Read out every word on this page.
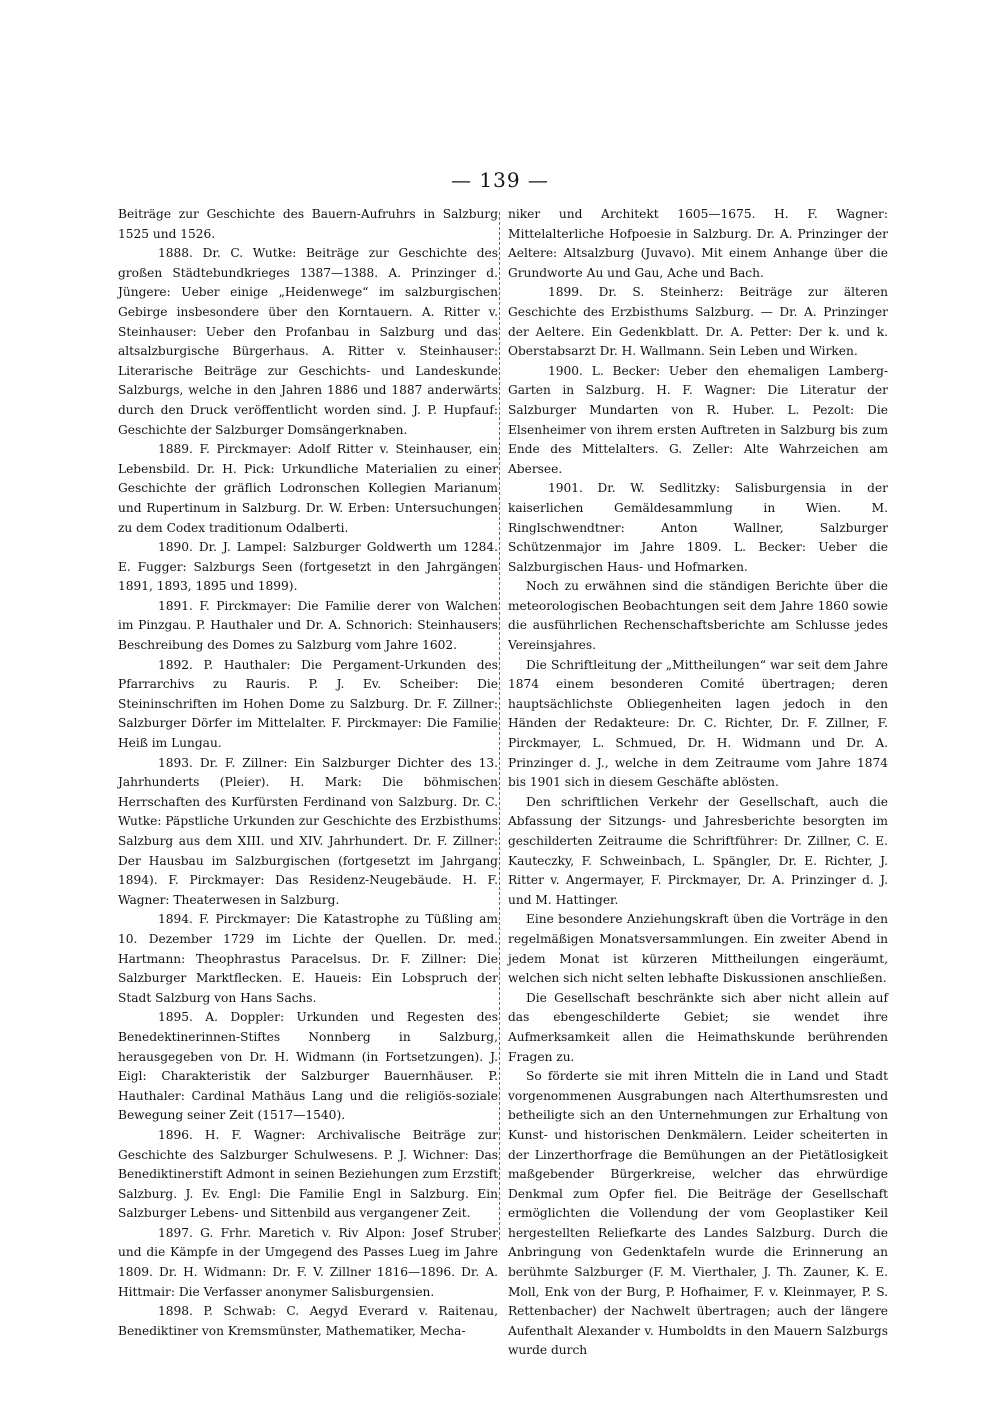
— 139 —

Beiträge zur Geschichte des Bauern-Aufruhrs in Salzburg 1525 und 1526.

1888. Dr. C. Wutke: Beiträge zur Geschichte des großen Städtebundkrieges 1387—1388. A. Prinzinger d. Jüngere: Ueber einige „Heidenwege“ im salzburgischen Gebirge insbesondere über den Korntauern. A. Ritter v. Steinhauser: Ueber den Profanbau in Salzburg und das altsalzburgische Bürgerhaus. A. Ritter v. Steinhauser: Literarische Beiträge zur Geschichts- und Landeskunde Salzburgs, welche in den Jahren 1886 und 1887 anderwärts durch den Druck veröffentlicht worden sind. J. P. Hupfauf: Geschichte der Salzburger Domsängerknaben.

1889. F. Pirckmayer: Adolf Ritter v. Steinhauser, ein Lebensbild. Dr. H. Pick: Urkundliche Materialien zu einer Geschichte der gräflich Lodronschen Kollegien Marianum und Rupertinum in Salzburg. Dr. W. Erben: Untersuchungen zu dem Codex traditionum Odalberti.

1890. Dr. J. Lampel: Salzburger Goldwerth um 1284. E. Fugger: Salzburgs Seen (fortgesetzt in den Jahrgängen 1891, 1893, 1895 und 1899).

1891. F. Pirckmayer: Die Familie derer von Walchen im Pinzgau. P. Hauthaler und Dr. A. Schnorich: Steinhausers Beschreibung des Domes zu Salzburg vom Jahre 1602.

1892. P. Hauthaler: Die Pergament-Urkunden des Pfarrarchivs zu Rauris. P. J. Ev. Scheiber: Die Steininschriften im Hohen Dome zu Salzburg. Dr. F. Zillner: Salzburger Dörfer im Mittelalter. F. Pirckmayer: Die Familie Heiß im Lungau.

1893. Dr. F. Zillner: Ein Salzburger Dichter des 13. Jahrhunderts (Pleier). H. Mark: Die böhmischen Herrschaften des Kurfürsten Ferdinand von Salzburg. Dr. C. Wutke: Päpstliche Urkunden zur Geschichte des Erzbisthums Salzburg aus dem XIII. und XIV. Jahrhundert. Dr. F. Zillner: Der Hausbau im Salzburgischen (fortgesetzt im Jahrgang 1894). F. Pirckmayer: Das Residenz-Neugebäude. H. F. Wagner: Theaterwesen in Salzburg.

1894. F. Pirckmayer: Die Katastrophe zu Tüßling am 10. Dezember 1729 im Lichte der Quellen. Dr. med. Hartmann: Theophrastus Paracelsus. Dr. F. Zillner: Die Salzburger Marktflecken. E. Haueis: Ein Lobspruch der Stadt Salzburg von Hans Sachs.

1895. A. Doppler: Urkunden und Regesten des Benedektinerinnen-Stiftes Nonnberg in Salzburg, herausgegeben von Dr. H. Widmann (in Fortsetzungen). J. Eigl: Charakteristik der Salzburger Bauernhäuser. P. Hauthaler: Cardinal Mathäus Lang und die religiös-soziale Bewegung seiner Zeit (1517—1540).

1896. H. F. Wagner: Archivalische Beiträge zur Geschichte des Salzburger Schulwesens. P. J. Wichner: Das Benediktinerstift Admont in seinen Beziehungen zum Erzstift Salzburg. J. Ev. Engl: Die Familie Engl in Salzburg. Ein Salzburger Lebens- und Sittenbild aus vergangener Zeit.

1897. G. Frhr. Maretich v. Riv Alpon: Josef Struber und die Kämpfe in der Umgegend des Passes Lueg im Jahre 1809. Dr. H. Widmann: Dr. F. V. Zillner 1816—1896. Dr. A. Hittmair: Die Verfasser anonymer Salisburgensien.

1898. P. Schwab: C. Aegyd Everard v. Raitenau, Benediktiner von Kremsmünster, Mathematiker, Mecha-

niker und Architekt 1605—1675. H. F. Wagner: Mittelalterliche Hofpoesie in Salzburg. Dr. A. Prinzinger der Aeltere: Altsalzburg (Juvavo). Mit einem Anhange über die Grundworte Au und Gau, Ache und Bach.

1899. Dr. S. Steinherz: Beiträge zur älteren Geschichte des Erzbisthums Salzburg. — Dr. A. Prinzinger der Aeltere. Ein Gedenkblatt. Dr. A. Petter: Der k. und k. Oberstabsarzt Dr. H. Wallmann. Sein Leben und Wirken.

1900. L. Becker: Ueber den ehemaligen Lamberg-Garten in Salzburg. H. F. Wagner: Die Literatur der Salzburger Mundarten von R. Huber. L. Pezolt: Die Elsenheimer von ihrem ersten Auftreten in Salzburg bis zum Ende des Mittelalters. G. Zeller: Alte Wahrzeichen am Abersee.

1901. Dr. W. Sedlitzky: Salisburgensia in der kaiserlichen Gemäldesammlung in Wien. M. Ringlschwendtner: Anton Wallner, Salzburger Schützenmajor im Jahre 1809. L. Becker: Ueber die Salzburgischen Haus- und Hofmarken.

Noch zu erwähnen sind die ständigen Berichte über die meteorologischen Beobachtungen seit dem Jahre 1860 sowie die ausführlichen Rechenschaftsberichte am Schlusse jedes Vereinsjahres.

Die Schriftleitung der „Mittheilungen“ war seit dem Jahre 1874 einem besonderen Comité übertragen; deren hauptsächlichste Obliegenheiten lagen jedoch in den Händen der Redakteure: Dr. C. Richter, Dr. F. Zillner, F. Pirckmayer, L. Schmued, Dr. H. Widmann und Dr. A. Prinzinger d. J., welche in dem Zeitraume vom Jahre 1874 bis 1901 sich in diesem Geschäfte ablösten.

Den schriftlichen Verkehr der Gesellschaft, auch die Abfassung der Sitzungs- und Jahresberichte besorgten im geschilderten Zeitraume die Schriftführer: Dr. Zillner, C. E. Kauteczky, F. Schweinbach, L. Spängler, Dr. E. Richter, J. Ritter v. Angermayer, F. Pirckmayer, Dr. A. Prinzinger d. J. und M. Hattinger.

Eine besondere Anziehungskraft üben die Vorträge in den regelmäßigen Monatsversammlungen. Ein zweiter Abend in jedem Monat ist kürzeren Mittheilungen eingeräumt, welchen sich nicht selten lebhafte Diskussionen anschließen.

Die Gesellschaft beschränkte sich aber nicht allein auf das ebengeschilderte Gebiet; sie wendet ihre Aufmerksamkeit allen die Heimathskunde berührenden Fragen zu.

So förderte sie mit ihren Mitteln die in Land und Stadt vorgenommenen Ausgrabungen nach Alterthumsresten und betheiligte sich an den Unternehmungen zur Erhaltung von Kunst- und historischen Denkmälern. Leider scheiterten in der Linzerthorfrage die Bemühungen an der Pietätlosigkeit maßgebender Bürgerkreise, welcher das ehrwürdige Denkmal zum Opfer fiel. Die Beiträge der Gesellschaft ermöglichten die Vollendung der vom Geoplastiker Keil hergestellten Reliefkarte des Landes Salzburg. Durch die Anbringung von Gedenktafeln wurde die Erinnerung an berühmte Salzburger (F. M. Vierthaler, J. Th. Zauner, K. E. Moll, Enk von der Burg, P. Hofhaimer, F. v. Kleinmayer, P. S. Rettenbacher) der Nachwelt übertragen; auch der längere Aufenthalt Alexander v. Humboldts in den Mauern Salzburgs wurde durch
